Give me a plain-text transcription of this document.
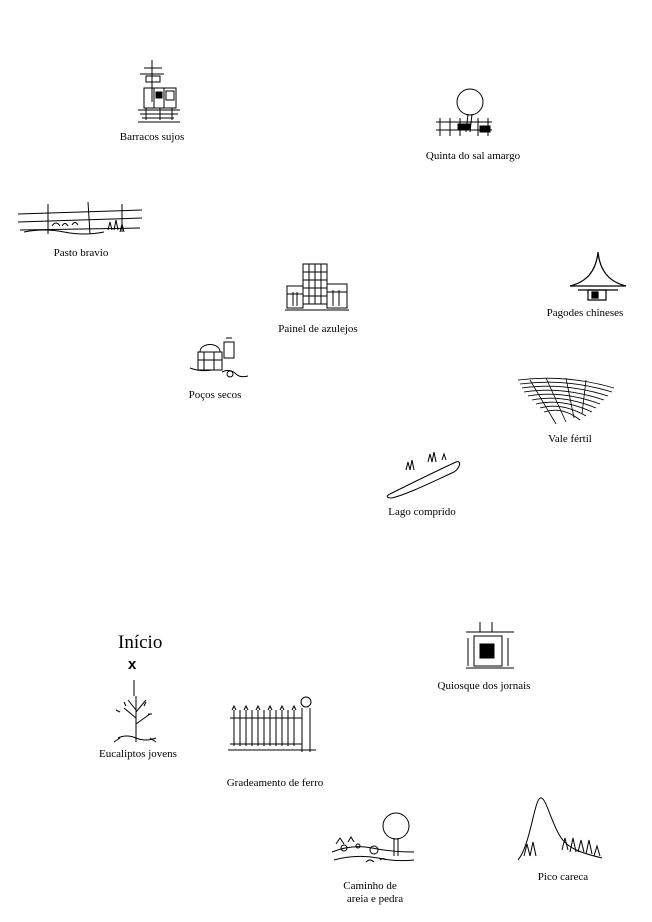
Barracos sujos
Quinta do sal amargo
Pasto bravio
Pagodes chineses
Painel de azulejos
Poços secos
Vale fértil
Lago comprido
Quiosque dos jornais
Início
x
Eucaliptos jovens
Gradeamento de ferro
Caminho de
areia e pedra
Pico careca
